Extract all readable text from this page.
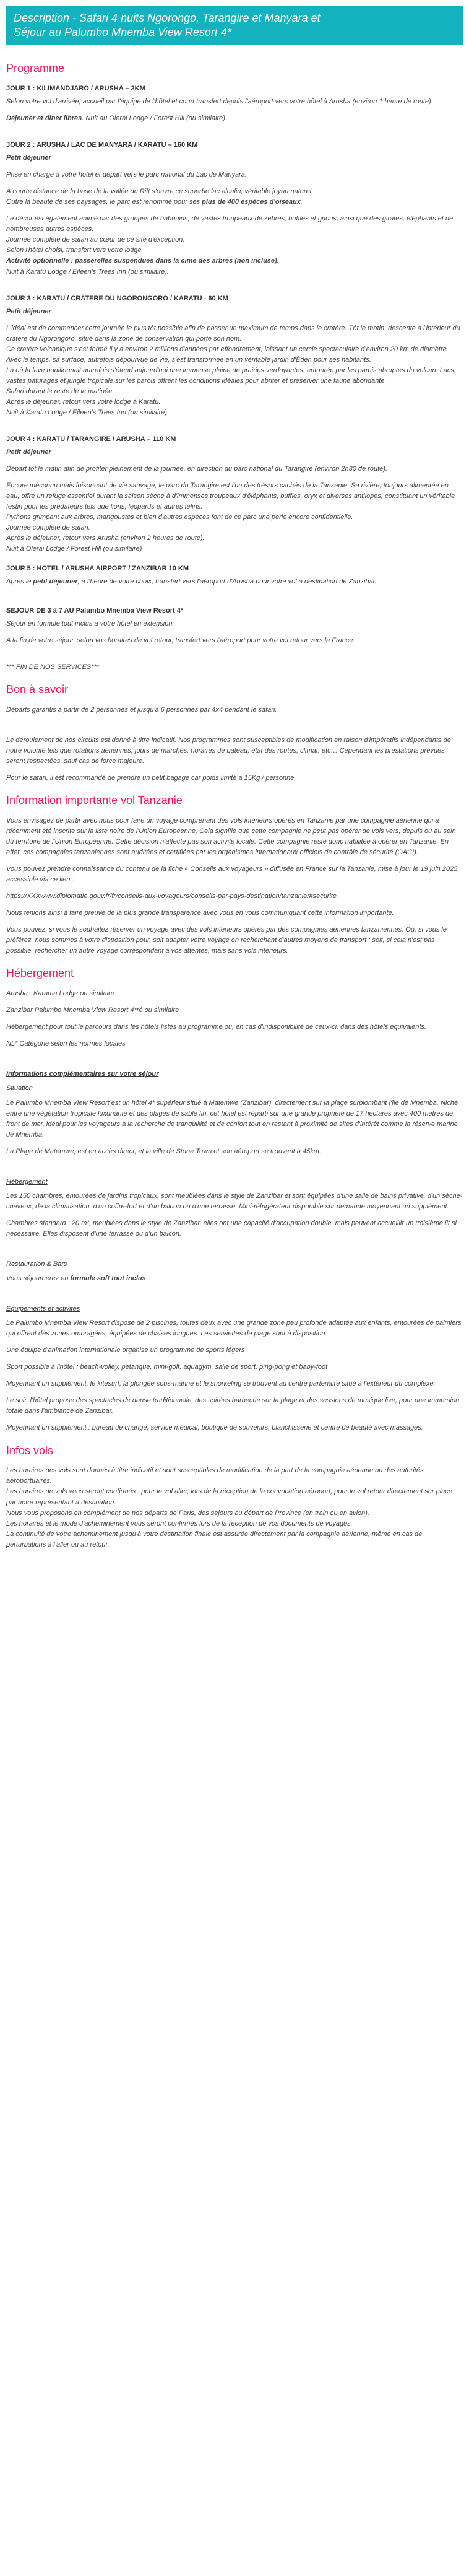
Description - Safari 4 nuits Ngorongo, Tarangire et Manyara et
Séjour au Palumbo Mnemba View Resort 4*
Programme

JOUR 1 : KILIMANDJARO / ARUSHA – 2KM

Selon votre vol d'arrivée, accueil par l'équipe de l'hôtel et court transfert depuis l'aéroport vers votre hôtel à Arusha (environ 1 heure de route).

Déjeuner et dîner libres. Nuit au Olerai Lodge / Forest Hill (ou similaire)

JOUR 2 : ARUSHA / LAC DE MANYARA / KARATU – 160 KM

Petit déjeuner

Prise en charge à votre hôtel et départ vers le parc national du Lac de Manyara.

À courte distance de la base de la vallée du Rift s'ouvre ce superbe lac alcalin, véritable joyau naturel.

Outre la beauté de ses paysages, le parc est renommé pour ses plus de 400 espèces d'oiseaux.

Le décor est également animé par des groupes de babouins, de vastes troupeaux de zèbres, buffles et gnous, ainsi que des girafes, éléphants et de nombreuses autres espèces.

Journée complète de safari au cœur de ce site d'exception.

Selon l'hôtel choisi, transfert vers votre lodge.

Activité optionnelle : passerelles suspendues dans la cime des arbres (non incluse).

Nuit à Karatu Lodge / Eileen's Trees Inn (ou similaire).

JOUR 3 : KARATU / CRATERE DU NGORONGORO / KARATU - 60 KM

Petit déjeuner

L'idéal est de commencer cette journée le plus tôt possible afin de passer un maximum de temps dans le cratère. Tôt le matin, descente à l'intérieur du cratère du Ngorongoro, situé dans la zone de conservation qui porte son nom.

Ce cratère volcanique s'est formé il y a environ 2 millions d'années par effondrement, laissant un cercle spectaculaire d'environ 20 km de diamètre. Avec le temps, sa surface, autrefois dépourvue de vie, s'est transformée en un véritable jardin d'Éden pour ses habitants.

Là où la lave bouillonnait autrefois s'étend aujourd'hui une immense plaine de prairies verdoyantes, entourée par les parois abruptes du volcan. Lacs, vastes pâturages et jungle tropicale sur les parois offrent les conditions idéales pour abriter et préserver une faune abondante.

Safari durant le reste de la matinée.

Après le déjeuner, retour vers votre lodge à Karatu.

Nuit à Karatu Lodge / Eileen's Trees Inn (ou similaire).

JOUR 4 : KARATU / TARANGIRE / ARUSHA – 110 KM

Petit déjeuner

Départ tôt le matin afin de profiter pleinement de la journée, en direction du parc national du Tarangire (environ 2h30 de route).

Encore méconnu mais foisonnant de vie sauvage, le parc du Tarangire est l'un des trésors cachés de la Tanzanie. Sa rivière, toujours alimentée en eau, offre un refuge essentiel durant la saison sèche à d'immenses troupeaux d'éléphants, buffles, oryx et diverses antilopes, constituant un véritable festin pour les prédateurs tels que lions, léopards et autres félins.

Pythons grimpant aux arbres, mangoustes et bien d'autres espèces font de ce parc une perle encore confidentielle.

Journée complète de safari.

Après le déjeuner, retour vers Arusha (environ 2 heures de route).

Nuit à Olerai Lodge / Forest Hill (ou similaire)

JOUR 5 : HOTEL / ARUSHA AIRPORT / ZANZIBAR 10 KM

Après le petit déjeuner, à l'heure de votre choix, transfert vers l'aéroport d'Arusha pour votre vol à destination de Zanzibar.

SEJOUR DE 3 à 7 AU Palumbo Mnemba View Resort 4*

Séjour en formule tout inclus à votre hôtel en extension.

A la fin de votre séjour, selon vos horaires de vol retour, transfert vers l'aéroport pour votre vol retour vers la France.

*** FIN DE NOS SERVICES***

Bon à savoir

Départs garantis à partir de 2 personnes et jusqu'à 6 personnes par 4x4 pendant le safari.

Le déroulement de nos circuits est donné à titre indicatif. Nos programmes sont susceptibles de modification en raison d'impératifs indépendants de notre volonté tels que rotations aériennes, jours de marchés, horaires de bateau, état des routes, climat, etc… Cependant les prestations prévues seront respectées, sauf cas de force majeure.

Pour le safari, il est recommandé de prendre un petit bagage car poids limité à 15Kg / personne

Information importante vol Tanzanie

Vous envisagez de partir avec nous pour faire un voyage comprenant des vols intérieurs opérés en Tanzanie par une compagnie aérienne qui a récemment été inscrite sur la liste noire de l'Union Européenne. Cela signifie que cette compagnie ne peut pas opérer de vols vers, depuis ou au sein du territoire de l'Union Européenne. Cette décision n'affecte pas son activité locale. Cette compagnie reste donc habilitée à opérer en Tanzanie. En effet, ces compagnies tanzaniennes sont auditées et certifiées par les organismes internationaux officiels de contrôle de sécurité (OACI).

Vous pouvez prendre connaissance du contenu de la fiche « Conseils aux voyageurs » diffusée en France sur la Tanzanie, mise à jour le 19 juin 2025, accessible via ce lien :

https://XXXwww.diplomatie.gouv.fr/fr/conseils-aux-voyageurs/conseils-par-pays-destination/tanzanie/#securite

Nous tenions ainsi à faire preuve de la plus grande transparence avec vous en vous communiquant cette information importante.

Vous pouvez, si vous le souhaitez réserver un voyage avec des vols intérieurs opérés par des compagnies aériennes tanzaniennes. Ou, si vous le préférez, nous sommes à votre disposition pour, soit adapter votre voyage en recherchant d'autres moyens de transport ; soit, si cela n'est pas possible, rechercher un autre voyage correspondant à vos attentes, mais sans vols intérieurs.

Hébergement

Arusha : Karama Lodge ou similaire

Zanzibar Palumbo Mnemba View Resort 4*ré ou similaire

Hébergement pour tout le parcours dans les hôtels listés au programme ou, en cas d'indisponibilité de ceux-ci, dans des hôtels équivalents.

NL* Catégorie selon les normes locales

Informations complémentaires sur votre séjour

Situation

Le Palumbo Mnemba View Resort est un hôtel 4* supérieur situé à Matemwe (Zanzibar), directement sur la plage surplombant l'île de Mnemba. Niché entre une végétation tropicale luxuriante et des plages de sable fin, cet hôtel est réparti sur une grande propriété de 17 hectares avec 400 mètres de front de mer, idéal pour les voyageurs à la recherche de tranquillité et de confort tout en restant à proximité de sites d'intérêt comme la réserve marine de Mnemba.

La Plage de Matemwe, est en accès direct, et la ville de Stone Town et son aéroport se trouvent à 45km.

Hébergement

Les 150 chambres, entourées de jardins tropicaux, sont meublées dans le style de Zanzibar et sont équipées d'une salle de bains privative, d'un sèche-cheveux, de la climatisation, d'un coffre-fort et d'un balcon ou d'une terrasse. Mini-réfrigérateur disponible sur demande moyennant un supplément.

Chambres standard : 20 m², meublées dans le style de Zanzibar, elles ont une capacité d'occupation double, mais peuvent accueillir un troisième lit si nécessaire. Elles disposent d'une terrasse ou d'un balcon.

Restauration & Bars

Vous séjournerez en formule soft tout inclus

Equipements et activités

Le Palumbo Mnemba View Resort dispose de 2 piscines, toutes deux avec une grande zone peu profonde adaptée aux enfants, entourées de palmiers qui offrent des zones ombragées, équipées de chaises longues. Les serviettes de plage sont à disposition.

Une équipe d'animation internationale organise un programme de sports légers

Sport possible à l'hôtel : beach-volley, pétanque, mini-golf, aquagym, salle de sport, ping-pong et baby-foot

Moyennant un supplément, le kitesurf, la plongée sous-marine et le snorkeling se trouvent au centre partenaire situé à l'extérieur du complexe.

Le soir, l'hôtel propose des spectacles de danse traditionnelle, des soirées barbecue sur la plage et des sessions de musique live, pour une immersion totale dans l'ambiance de Zanzibar.

Moyennant un supplément : bureau de change, service médical, boutique de souvenirs, blanchisserie et centre de beauté avec massages.

Infos vols

Les horaires des vols sont donnés à titre indicatif et sont susceptibles de modification de la part de la compagnie aérienne ou des autorités aéroportuaires.

Les horaires de vols vous seront confirmés : pour le vol aller, lors de la réception de la convocation aéroport, pour le vol retour directement sur place par notre représentant à destination.

Nous vous proposons en complément de nos départs de Paris, des séjours au départ de Province (en train ou en avion).

Les horaires et le mode d'acheminement vous seront confirmés lors de la réception de vos documents de voyages.

La continuité de votre acheminement jusqu'à votre destination finale est assurée directement par la compagnie aérienne, même en cas de perturbations à l'aller ou au retour.
